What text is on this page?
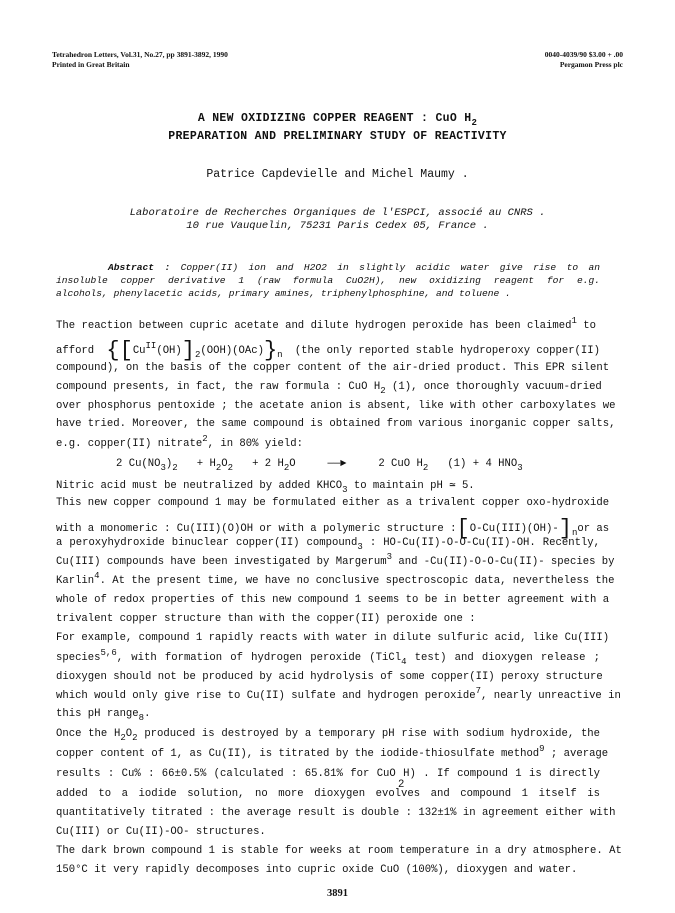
Tetrahedron Letters, Vol.31, No.27, pp 3891-3892, 1990
Printed in Great Britain
0040-4039/90 $3.00 + .00
Pergamon Press plc
A NEW OXIDIZING COPPER REAGENT : CuO $H_2$
PREPARATION AND PRELIMINARY STUDY OF REACTIVITY
Patrice Capdevielle and Michel Maumy .
Laboratoire de Recherches Organiques de l'ESPCI, associé au CNRS .
10 rue Vauquelin, 75231 Paris Cedex 05, France .
Abstract : Copper(II) ion and H2O2 in slightly acidic water give rise to an
insoluble copper derivative 1 (raw formula CuO2H), new oxidizing reagent for e.g.
alcohols, phenylacetic acids, primary amines, triphenylphosphine, and toluene .
The reaction between cupric acetate and dilute hydrogen peroxide has been claimed$^1$ to
afford $\{[Cu^{II}(OH)]_2(OOH)(OAc)\}_n$ (the only reported stable hydroperoxy copper(II)
compound), on the basis of the copper content of the air-dried product. This EPR silent
compound presents, in fact, the raw formula : CuO $H_2$ (1), once thoroughly vacuum-dried
over phosphorus pentoxide ; the acetate anion is absent, like with other carboxylates we
have tried. Moreover, the same compound is obtained from various inorganic copper salts,
e.g. copper(II) nitrate$^2$, in 80% yield:
2 $Cu(NO_3)_2 + H_2O_2 + 2$ $H_2O$	——►	2 CuO $H_2$ (1) + 4 $HNO_3$
Nitric acid must be neutralized by added $KHCO_3$ to maintain pH ≃ 5.
This new copper compound 1 may be formulated either as a trivalent copper oxo-hydroxide
with a monomeric : Cu(III)(O)OH or with a polymeric structure : $[O-Cu(III)(OH)-]_n$ or as
a peroxyhydroxide binuclear copper(II) compound$_3$ : HO-Cu(II)-O-O-Cu(II)-OH. Recently,
Cu(III) compounds have been investigated by Margerum$^3$ and -Cu(II)-O-O-Cu(II)- species by
Karlin$^4$. At the present time, we have no conclusive spectroscopic data, nevertheless the
whole of redox properties of this new compound 1 seems to be in better agreement with a
trivalent copper structure than with the copper(II) peroxide one :
For example, compound 1 rapidly reacts with water in dilute sulfuric acid, like Cu(III)
species$^{5,6}$, with formation of hydrogen peroxide (TiCl$_4$ test) and dioxygen release ;
dioxygen should not be produced by acid hydrolysis of some copper(II) peroxy structure
which would only give rise to Cu(II) sulfate and hydrogen peroxide$^7$, nearly unreactive in
this pH range$_8$.
Once the $H_2O_2$ produced is destroyed by a temporary pH rise with sodium hydroxide, the
copper content of 1, as Cu(II), is titrated by the iodide-thiosulfate method$^9$ ; average
results : Cu% : 66±0.5% (calculated : 65.81% for CuO H) . If compound 1 is directly
2
added to a iodide solution, no more dioxygen evolves and compound 1 itself is
quantitatively titrated : the average result is double : 132±1% in agreement either with
Cu(III) or Cu(II)-OO- structures.
The dark brown compound 1 is stable for weeks at room temperature in a dry atmosphere. At
150°C it very rapidly decomposes into cupric oxide CuO (100%), dioxygen and water.
3891
